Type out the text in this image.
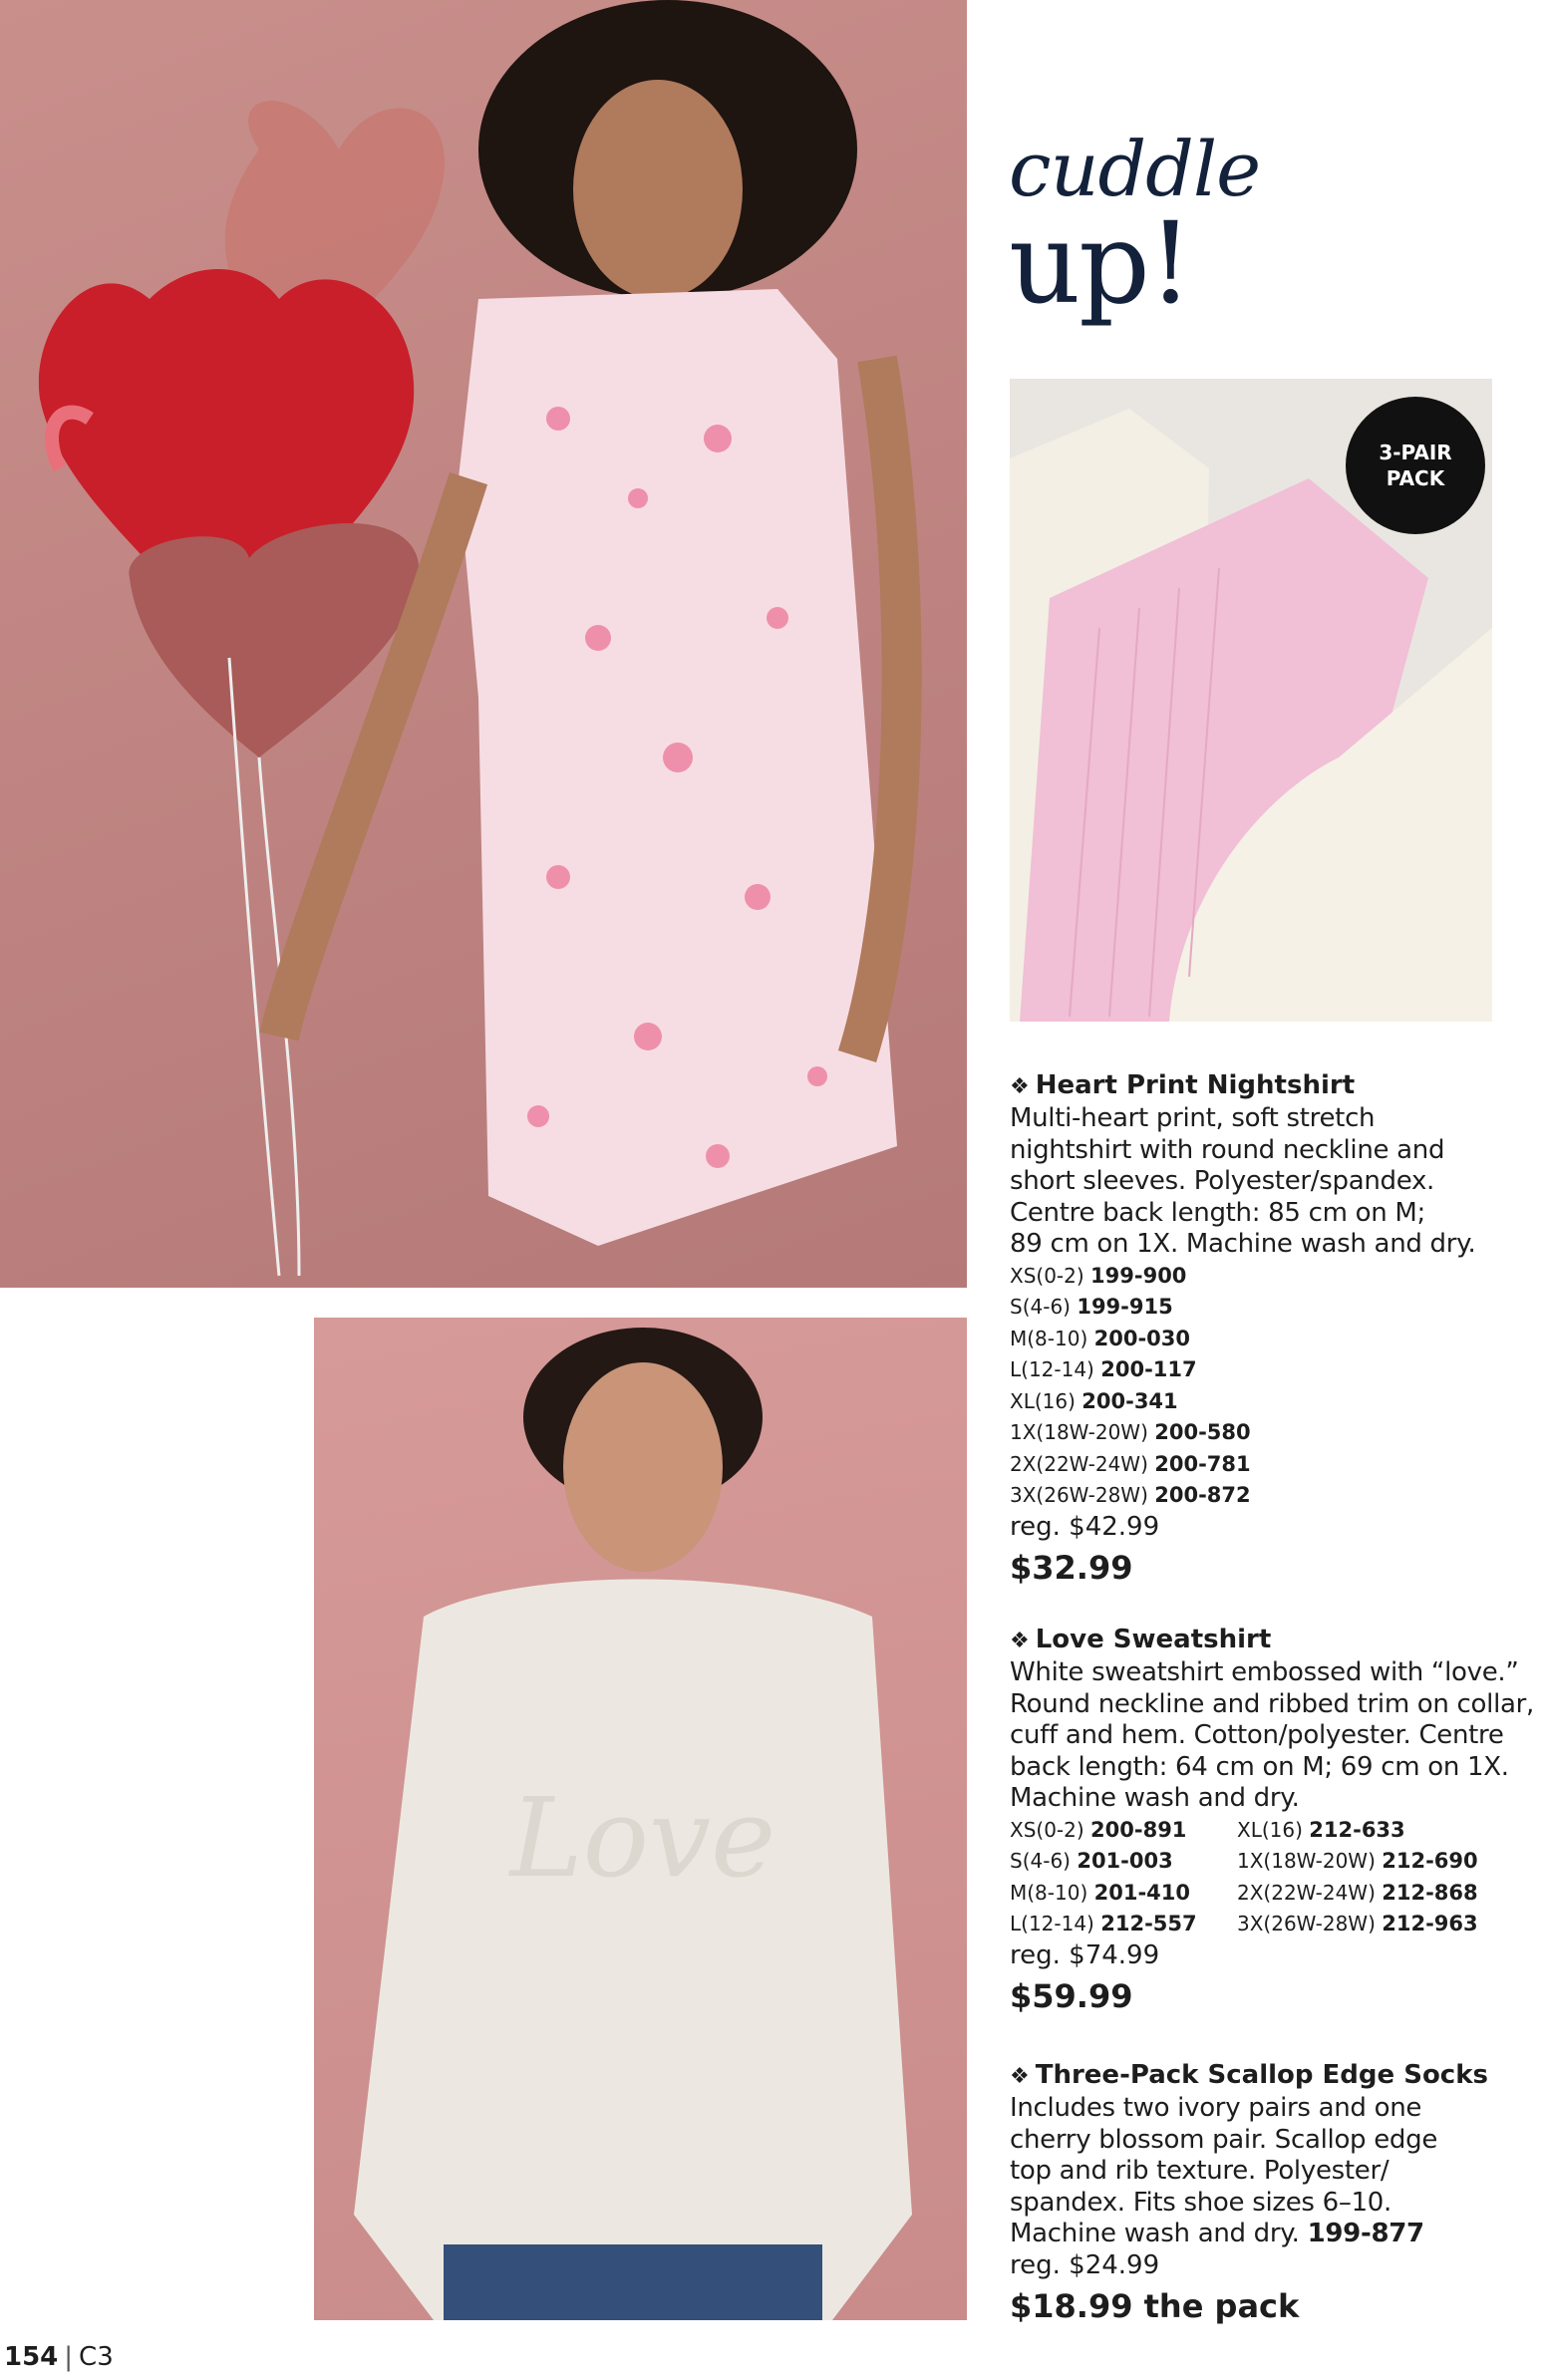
Love
cuddle
up!
3-PAIR
PACK
❖ Heart Print Nightshirt
Multi-heart print, soft stretch
nightshirt with round neckline and
short sleeves. Polyester/spandex.
Centre back length: 85 cm on M;
89 cm on 1X. Machine wash and dry.
XS(0-2) 199-900
S(4-6) 199-915
M(8-10) 200-030
L(12-14) 200-117
XL(16) 200-341
1X(18W-20W) 200-580
2X(22W-24W) 200-781
3X(26W-28W) 200-872
reg. $42.99
$32.99
❖ Love Sweatshirt
White sweatshirt embossed with “love.”
Round neckline and ribbed trim on collar,
cuff and hem. Cotton/polyester. Centre
back length: 64 cm on M; 69 cm on 1X.
Machine wash and dry.
XS(0-2) 200-891	XL(16) 212-633
S(4-6) 201-003	1X(18W-20W) 212-690
M(8-10) 201-410	2X(22W-24W) 212-868
L(12-14) 212-557	3X(26W-28W) 212-963
reg. $74.99
$59.99
❖ Three-Pack Scallop Edge Socks
Includes two ivory pairs and one
cherry blossom pair. Scallop edge
top and rib texture. Polyester/
spandex. Fits shoe sizes 6–10.
Machine wash and dry. 199-877
reg. $24.99
$18.99 the pack
154 | C3
